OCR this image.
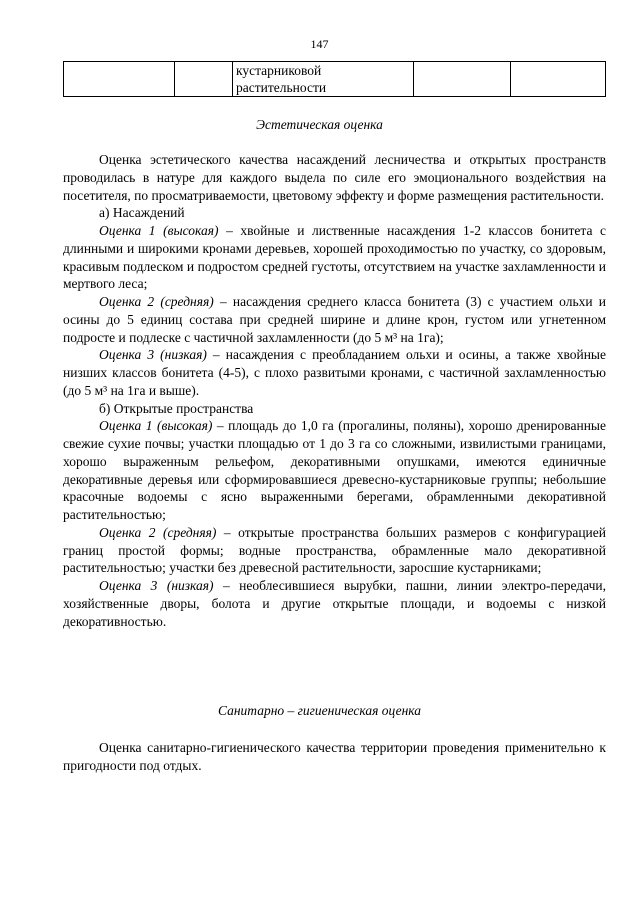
147
		кустарниковой растительности		
Эстетическая оценка

Оценка эстетического качества насаждений лесничества и открытых пространств проводилась в натуре для каждого выдела по силе его эмоционального воздействия на посетителя, по просматриваемости, цветовому эффекту и форме размещения растительности.

а) Насаждений

Оценка 1 (высокая) – хвойные и лиственные насаждения 1-2 классов бонитета с длинными и широкими кронами деревьев, хорошей проходимостью по участку, со здоровым, красивым подлеском и подростом средней густоты, отсутствием на участке захламленности и мертвого леса;

Оценка 2 (средняя) – насаждения среднего класса бонитета (3) с участием ольхи и осины до 5 единиц состава при средней ширине и длине крон, густом или угнетенном подросте и подлеске с частичной захламленности (до 5 м³ на 1га);

Оценка 3 (низкая) – насаждения с преобладанием ольхи и осины, а также хвойные низших классов бонитета (4-5), с плохо развитыми кронами, с частичной захламленностью (до 5 м³ на 1га и выше).

б) Открытые пространства

Оценка 1 (высокая) – площадь до 1,0 га (прогалины, поляны), хорошо дренированные свежие сухие почвы; участки площадью от 1 до 3 га со сложными, извилистыми границами, хорошо выраженным рельефом, декоративными опушками, имеются единичные декоративные деревья или сформировавшиеся древесно-кустарниковые группы; небольшие красочные водоемы с ясно выраженными берегами, обрамленными декоративной растительностью;

Оценка 2 (средняя) – открытые пространства больших размеров с конфигурацией границ простой формы; водные пространства, обрамленные мало декоративной растительностью; участки без древесной растительности, заросшие кустарниками;

Оценка 3 (низкая) – необлесившиеся вырубки, пашни, линии электро-передачи, хозяйственные дворы, болота и другие открытые площади, и водоемы с низкой декоративностью.

Санитарно – гигиеническая оценка

Оценка санитарно-гигиенического качества территории проведения применительно к пригодности под отдых.
